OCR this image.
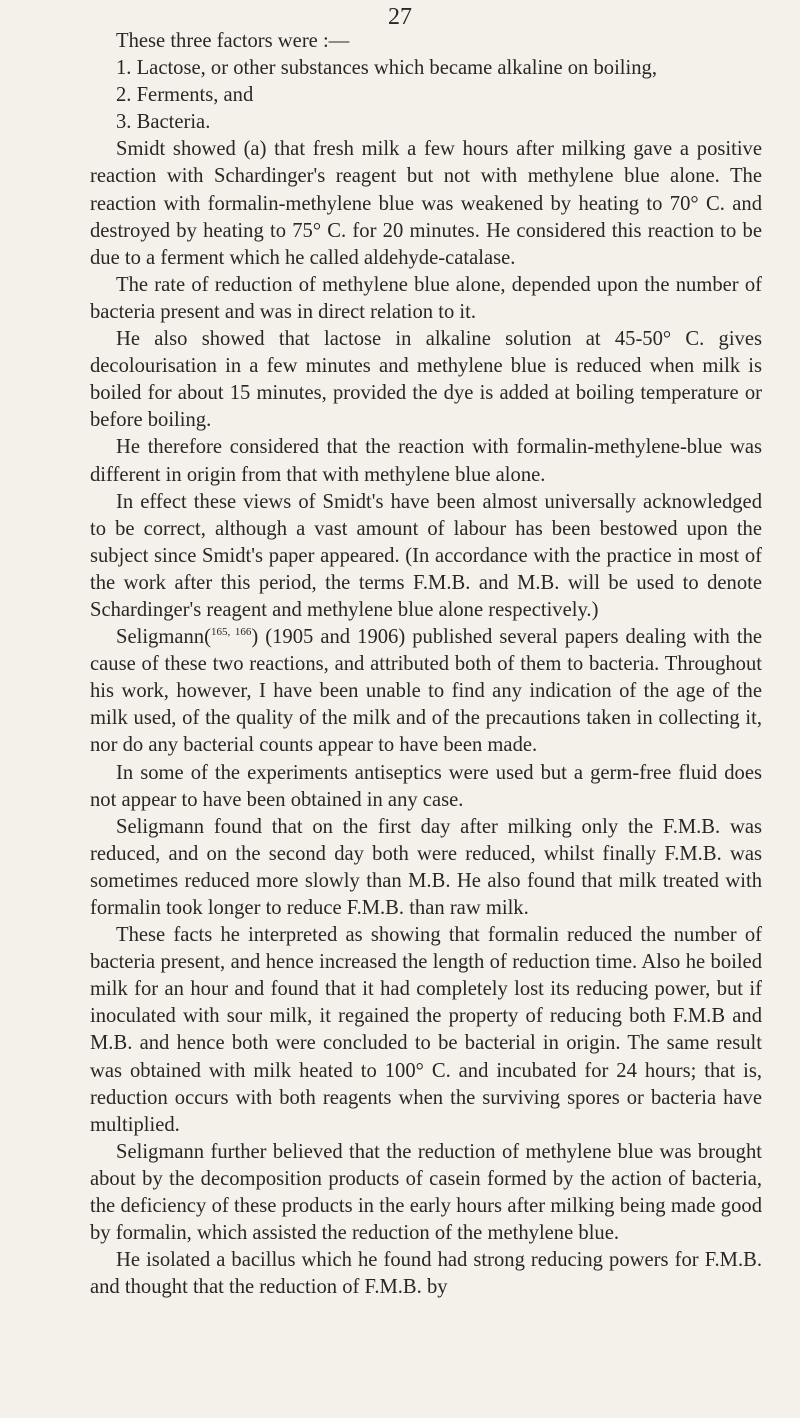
27

These three factors were :—

1. Lactose, or other substances which became alkaline on boiling,

2. Ferments, and

3. Bacteria.

Smidt showed (a) that fresh milk a few hours after milking gave a positive reaction with Schardinger's reagent but not with methylene blue alone. The reaction with formalin-methylene blue was weakened by heating to 70° C. and destroyed by heating to 75° C. for 20 minutes. He considered this reaction to be due to a ferment which he called aldehyde-catalase.

The rate of reduction of methylene blue alone, depended upon the number of bacteria present and was in direct relation to it.

He also showed that lactose in alkaline solution at 45-50° C. gives decolourisation in a few minutes and methylene blue is reduced when milk is boiled for about 15 minutes, provided the dye is added at boiling temperature or before boiling.

He therefore considered that the reaction with formalin-methylene-blue was different in origin from that with methylene blue alone.

In effect these views of Smidt's have been almost universally acknowledged to be correct, although a vast amount of labour has been bestowed upon the subject since Smidt's paper appeared. (In accordance with the practice in most of the work after this period, the terms F.M.B. and M.B. will be used to denote Schardinger's reagent and methylene blue alone respectively.)

Seligmann($^{165, 166}$) (1905 and 1906) published several papers dealing with the cause of these two reactions, and attributed both of them to bacteria. Throughout his work, however, I have been unable to find any indication of the age of the milk used, of the quality of the milk and of the precautions taken in collecting it, nor do any bacterial counts appear to have been made.

In some of the experiments antiseptics were used but a germ-free fluid does not appear to have been obtained in any case.

Seligmann found that on the first day after milking only the F.M.B. was reduced, and on the second day both were reduced, whilst finally F.M.B. was sometimes reduced more slowly than M.B. He also found that milk treated with formalin took longer to reduce F.M.B. than raw milk.

These facts he interpreted as showing that formalin reduced the number of bacteria present, and hence increased the length of reduction time. Also he boiled milk for an hour and found that it had completely lost its reducing power, but if inoculated with sour milk, it regained the property of reducing both F.M.B and M.B. and hence both were concluded to be bacterial in origin. The same result was obtained with milk heated to 100° C. and incubated for 24 hours; that is, reduction occurs with both reagents when the surviving spores or bacteria have multiplied.

Seligmann further believed that the reduction of methylene blue was brought about by the decomposition products of casein formed by the action of bacteria, the deficiency of these products in the early hours after milking being made good by formalin, which assisted the reduction of the methylene blue.

He isolated a bacillus which he found had strong reducing powers for F.M.B. and thought that the reduction of F.M.B. by
